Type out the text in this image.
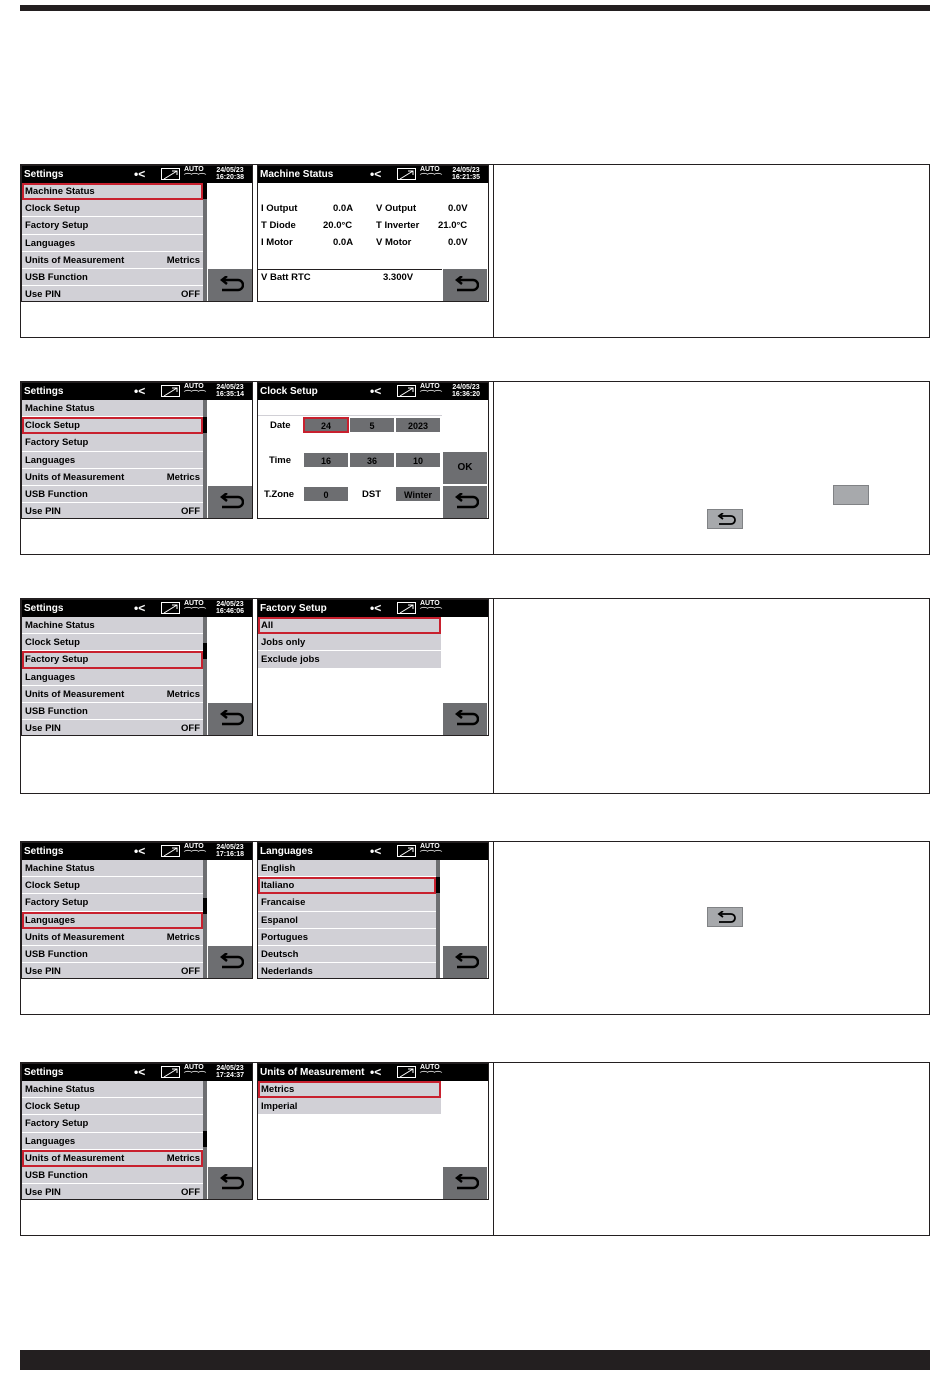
Settings	•<	AUTO
⌒⌒⌒
24/05/23
16:20:38
Machine Status
Clock Setup
Factory Setup
Languages
Units of Measurement	Metrics
USB Function
Use PIN	OFF
Machine Status	•<	AUTO
⌒⌒⌒
24/05/23
16:21:35
I Output	0.0A V Output	0.0V
T Diode	20.0°C	T Inverter 21.0°C
I Motor	0.0A V Motor	0.0V
V Batt RTC	3.300V
Settings	•<	AUTO
⌒⌒⌒
24/05/23
16:35:14
Machine Status
Clock Setup
Factory Setup
Languages
Units of Measurement	Metrics
USB Function
Use PIN	OFF
Clock Setup	•<	AUTO
⌒⌒⌒
24/05/23
16:36:20
Date	24	5	2023
Time	16	36	10
T.Zone	0	DST	Winter
OK
Settings	•<	AUTO
⌒⌒⌒
24/05/23
16:46:06
Machine Status
Clock Setup
Factory Setup
Languages
Units of Measurement	Metrics
USB Function
Use PIN	OFF
Factory Setup	•<	AUTO
⌒⌒⌒
All
Jobs only
Exclude jobs
Settings	•<	AUTO
⌒⌒⌒
24/05/23
17:16:18
Machine Status
Clock Setup
Factory Setup
Languages
Units of Measurement	Metrics
USB Function
Use PIN	OFF
Languages	•<	AUTO
⌒⌒⌒
English
Italiano
Francaise
Espanol
Portugues
Deutsch
Nederlands
Settings	•<	AUTO
⌒⌒⌒
24/05/23
17:24:37
Machine Status
Clock Setup
Factory Setup
Languages
Units of Measurement	Metrics
USB Function
Use PIN	OFF
Units of Measurement •<	AUTO
⌒⌒⌒
Metrics
Imperial
